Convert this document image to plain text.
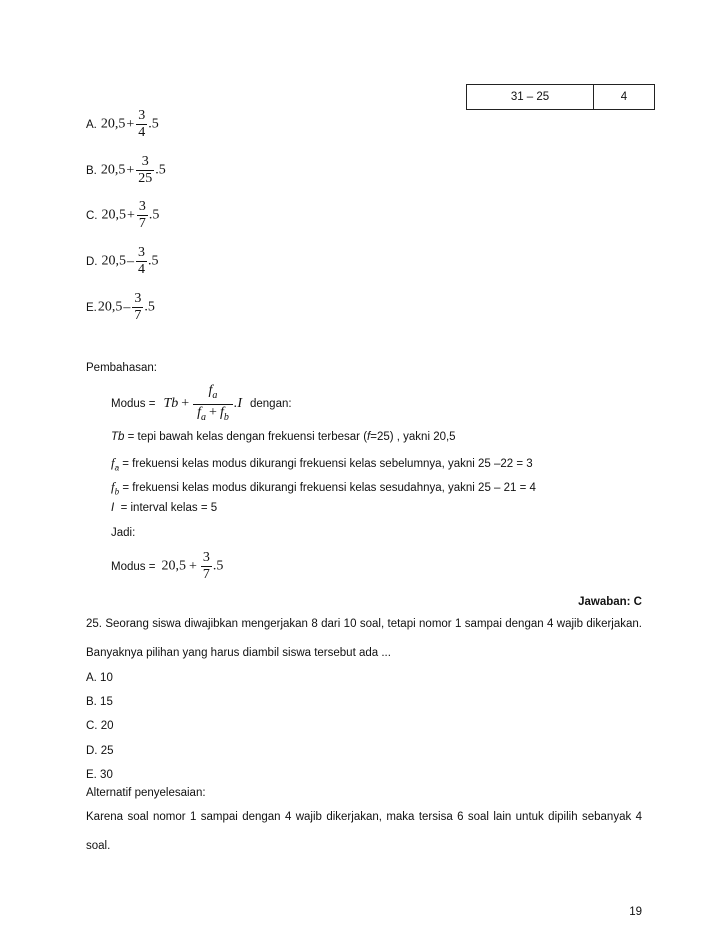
31 – 25	4
A. $20,5+ \frac{3}{4} .5$
B. $20,5+ \frac{3}{25} .5$
C. $20,5+ \frac{3}{7} .5$
D. $20,5- \frac{3}{4} .5$
E. $20,5- \frac{3}{7} .5$
Pembahasan:
Modus = $Tb + \frac{f_a}{f_a + f_b} .I$ dengan:
Tb = tepi bawah kelas dengan frekuensi terbesar (f=25) , yakni 20,5
$f_a$ = frekuensi kelas modus dikurangi frekuensi kelas sebelumnya, yakni 25 –22 = 3
$f_b$ = frekuensi kelas modus dikurangi frekuensi kelas sesudahnya, yakni 25 – 21 = 4
I  = interval kelas = 5
Jadi:
Modus = $20,5 + \frac{3}{7} .5$
Jawaban: C
25. Seorang siswa diwajibkan mengerjakan 8 dari 10 soal, tetapi nomor 1 sampai dengan 4 wajib dikerjakan. Banyaknya pilihan yang harus diambil siswa tersebut ada ...
A. 10
B. 15
C. 20
D. 25
E. 30
Alternatif penyelesaian:
Karena soal nomor 1 sampai dengan 4 wajib dikerjakan, maka tersisa 6 soal lain untuk dipilih sebanyak 4 soal.
19
